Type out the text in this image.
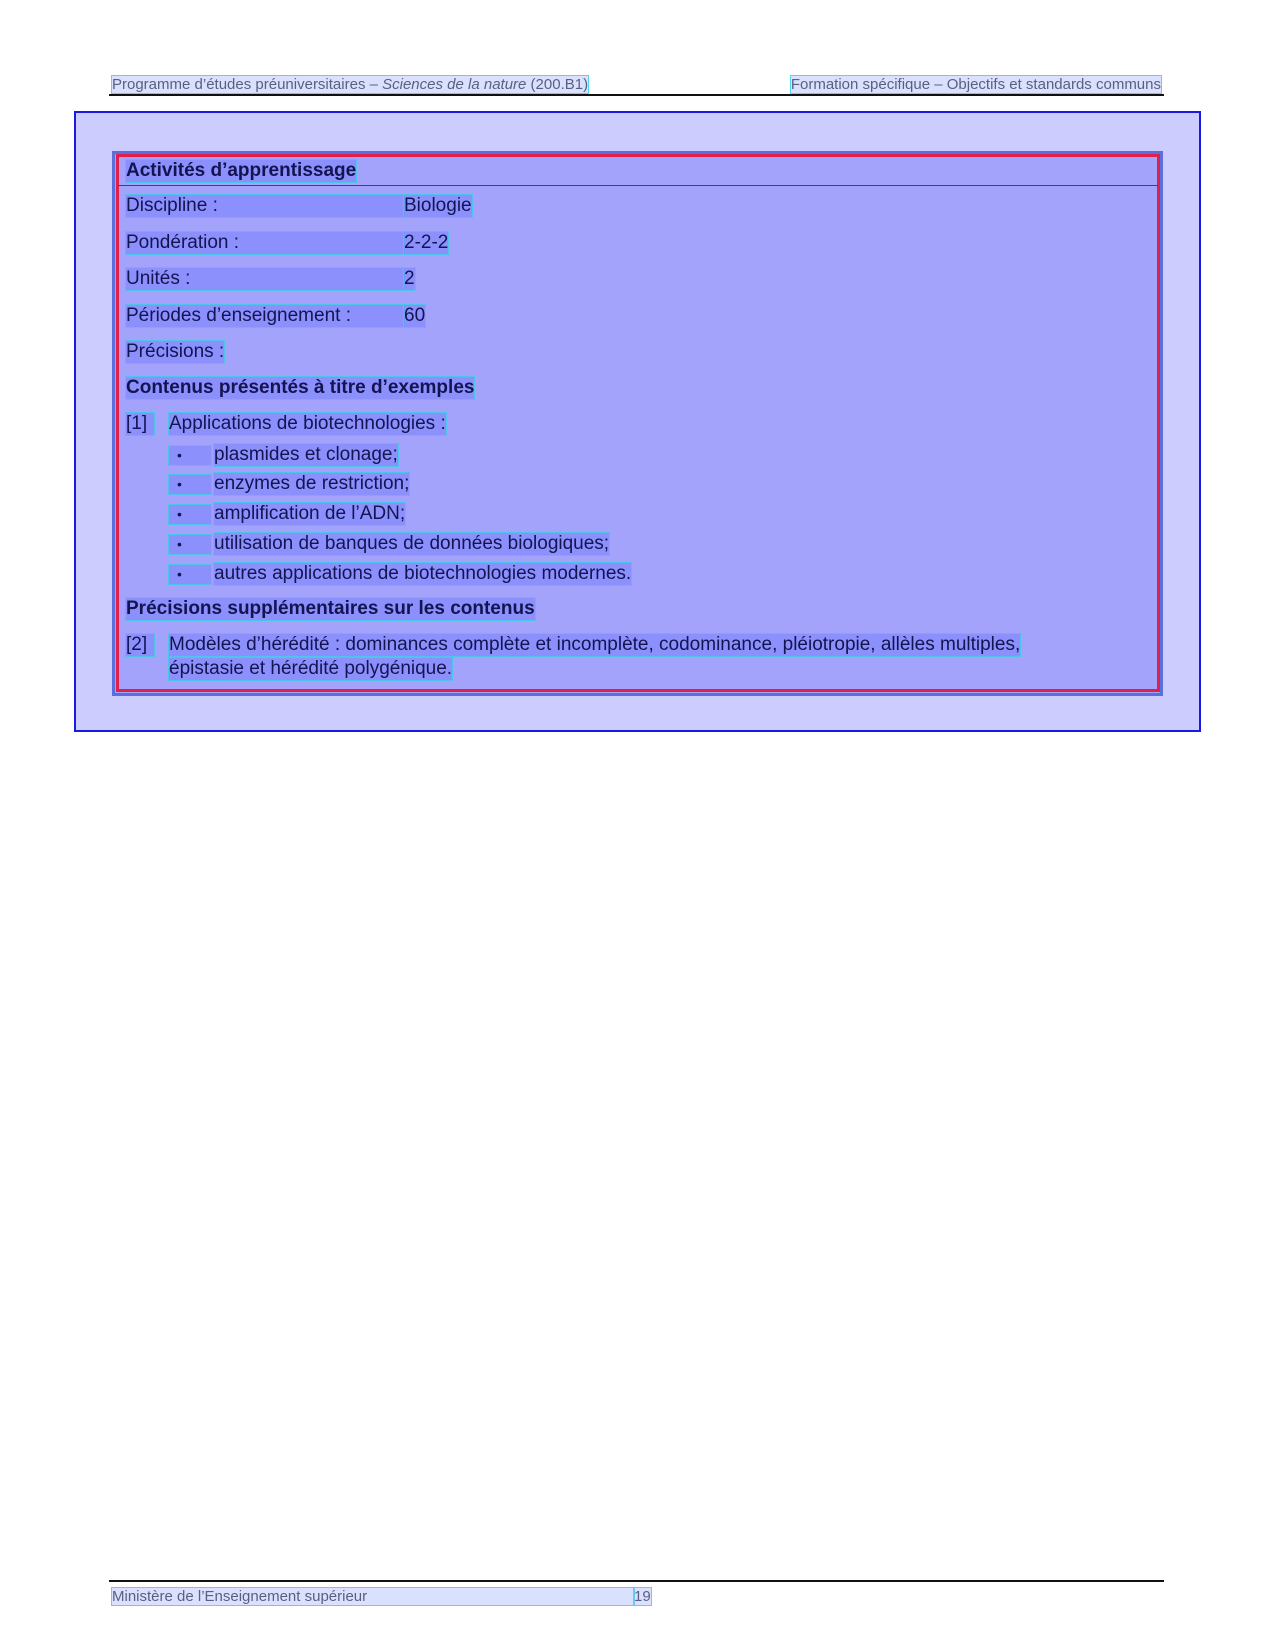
Programme d’études préuniversitaires – Sciences de la nature (200.B1)	Formation spécifique – Objectifs et standards communs
Activités d’apprentissage
Discipline :	Biologie
Pondération :	2-2-2
Unités :	2
Périodes d’enseignement :	60
Précisions :
Contenus présentés à titre d’exemples
[1]	Applications de biotechnologies :
•	plasmides et clonage;
•	enzymes de restriction;
•	amplification de l’ADN;
•	utilisation de banques de données biologiques;
•	autres applications de biotechnologies modernes.
Précisions supplémentaires sur les contenus
[2]	Modèles d’hérédité : dominances complète et incomplète, codominance, pléiotropie, allèles multiples,
épistasie et hérédité polygénique.
Ministère de l’Enseignement supérieur	19
